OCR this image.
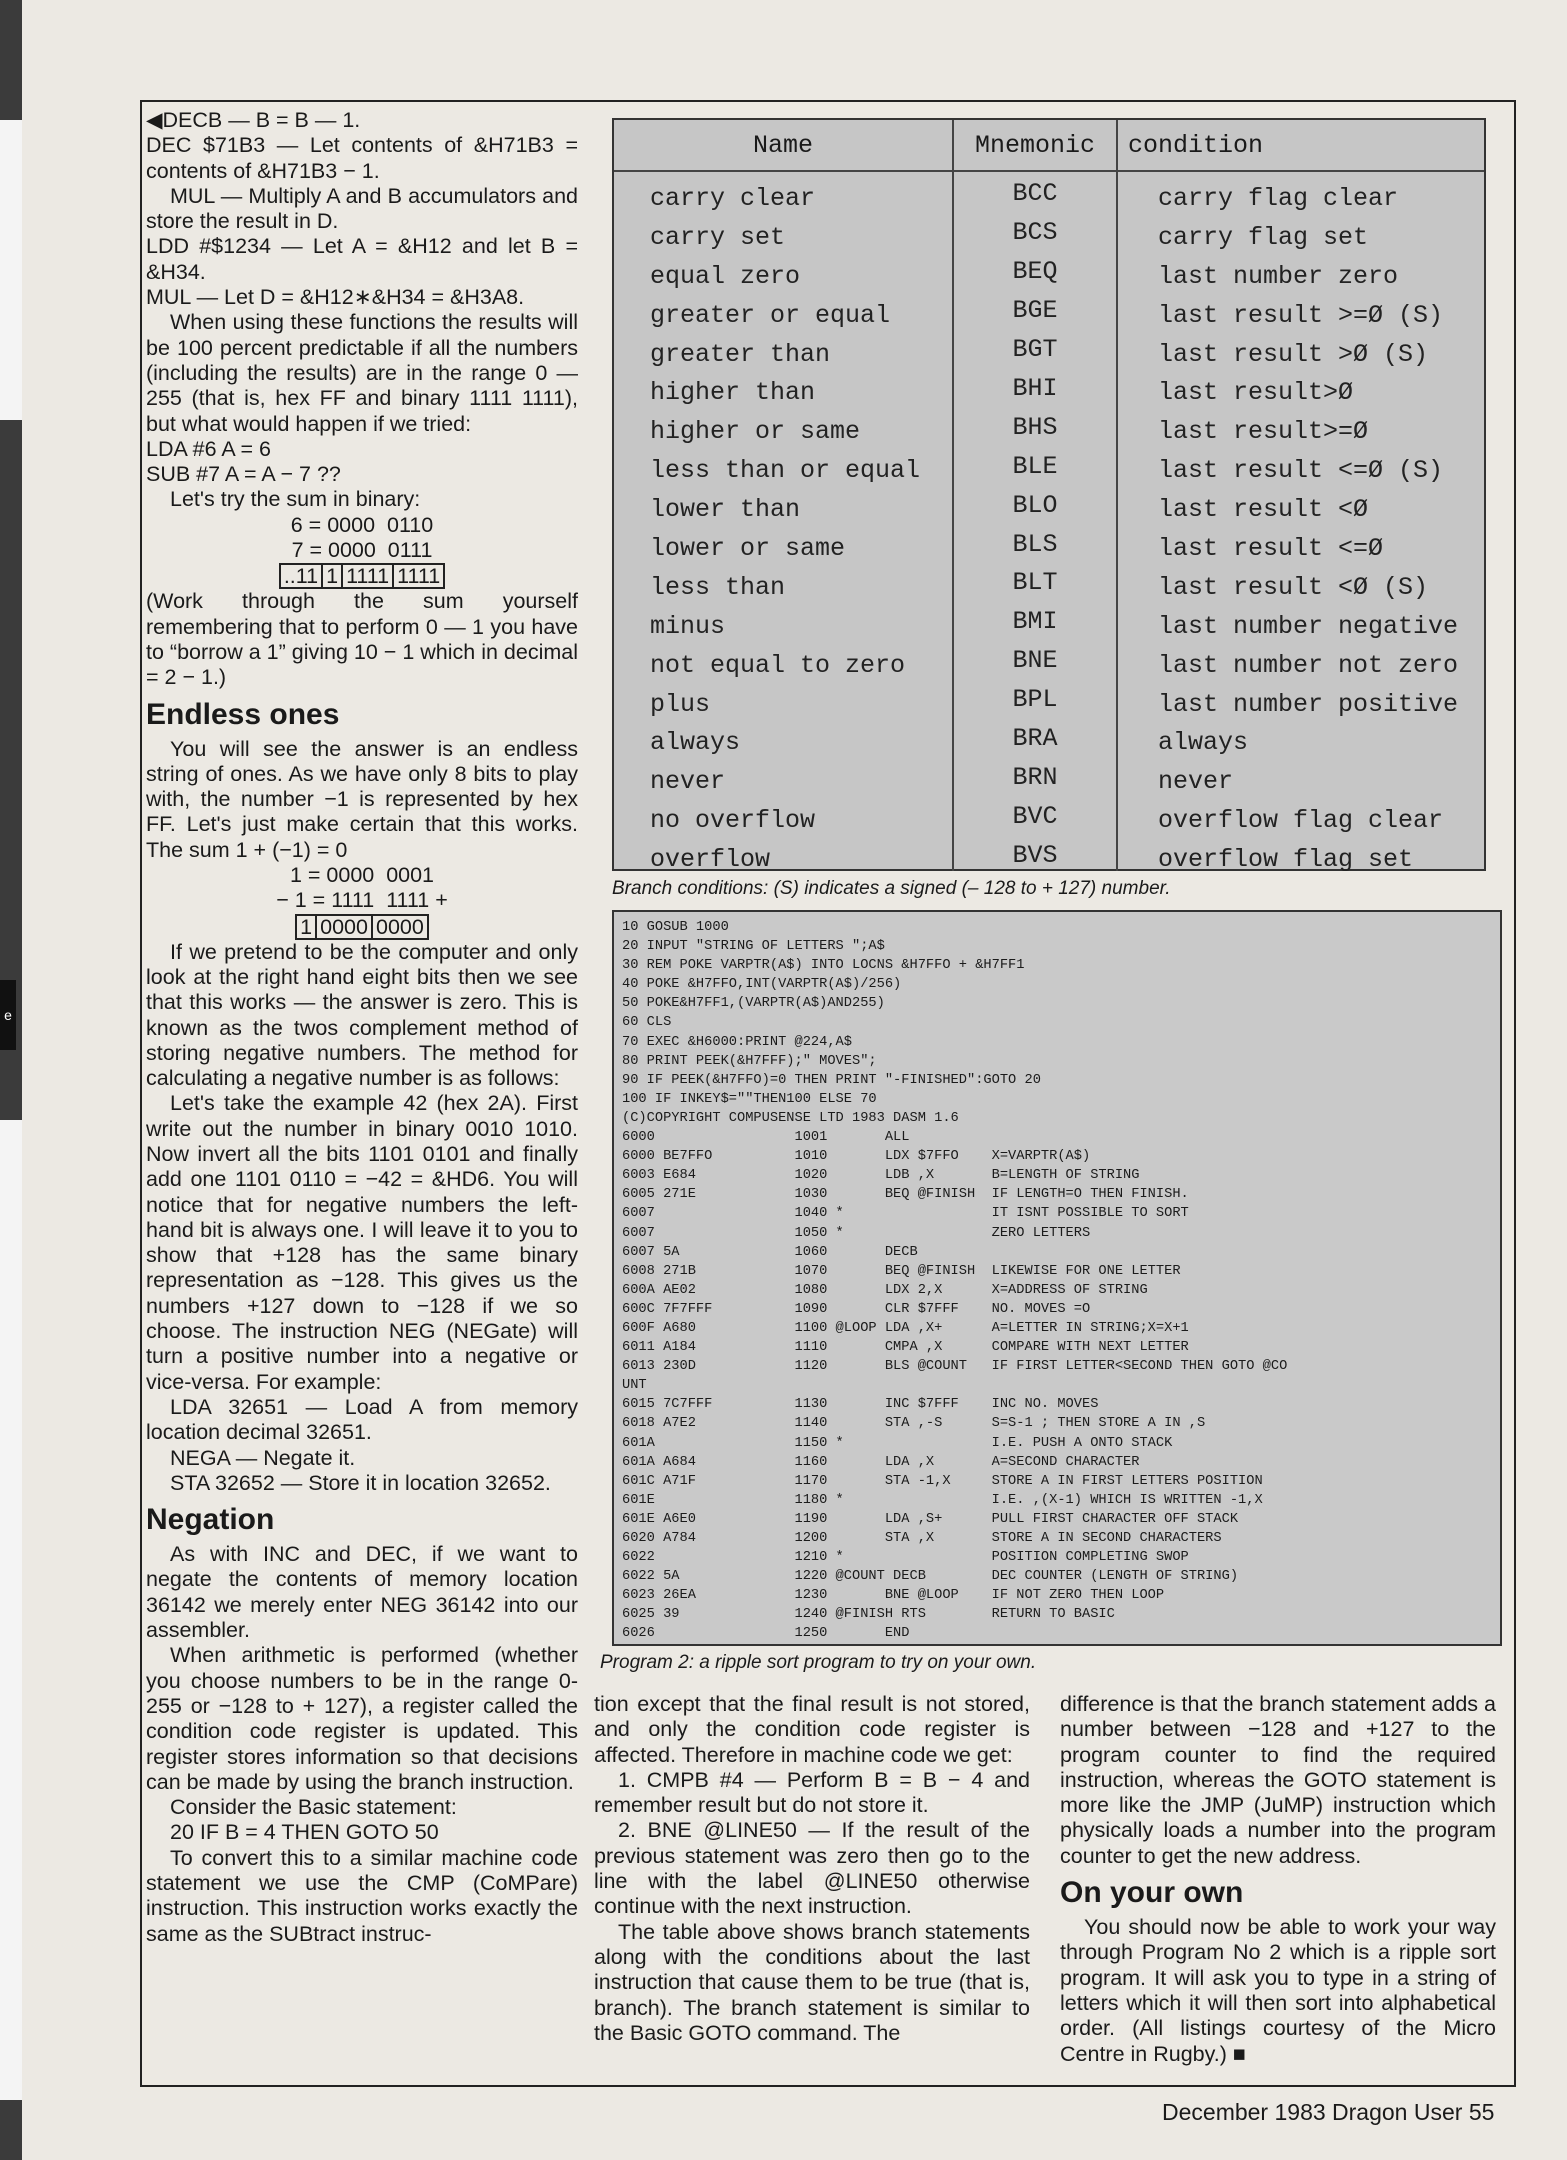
e

◀DECB — B = B — 1.

DEC $71B3 — Let contents of &H71B3 = contents of &H71B3 − 1.

MUL — Multiply A and B accumulators and store the result in D.

LDD #$1234 — Let A = &H12 and let B = &H34.

MUL — Let D = &H12∗&H34 = &H3A8.

When using these functions the results will be 100 percent predictable if all the numbers (including the results) are in the range 0 — 255 (that is, hex FF and binary 1111 1111), but what would happen if we tried:

LDA #6 A = 6

SUB #7 A = A − 7 ??

Let's try the sum in binary:

6 = 0000  0110
7 = 0000  0111
..11 1 1111 1111

(Work through the sum yourself remembering that to perform 0 — 1 you have to “borrow a 1” giving 10 − 1 which in decimal = 2 − 1.)

Endless ones

You will see the answer is an endless string of ones. As we have only 8 bits to play with, the number −1 is represented by hex FF. Let's just make certain that this works. The sum 1 + (−1) = 0

1 = 0000  0001
− 1 = 1111  1111 +
1 0000 0000

If we pretend to be the computer and only look at the right hand eight bits then we see that this works — the answer is zero. This is known as the twos complement method of storing negative numbers. The method for calculating a negative number is as follows:

Let's take the example 42 (hex 2A). First write out the number in binary 0010 1010. Now invert all the bits 1101 0101 and finally add one 1101 0110 = −42 = &HD6. You will notice that for negative numbers the left-hand bit is always one. I will leave it to you to show that +128 has the same binary representation as −128. This gives us the numbers +127 down to −128 if we so choose. The instruction NEG (NEGate) will turn a positive number into a negative or vice-versa. For example:

LDA 32651 — Load A from memory location decimal 32651.

NEGA — Negate it.

STA 32652 — Store it in location 32652.

Negation

As with INC and DEC, if we want to negate the contents of memory location 36142 we merely enter NEG 36142 into our assembler.

When arithmetic is performed (whether you choose numbers to be in the range 0-255 or −128 to + 127), a register called the condition code register is updated. This register stores information so that decisions can be made by using the branch instruction.

Consider the Basic statement:

20 IF B = 4 THEN GOTO 50

To convert this to a similar machine code statement we use the CMP (CoMPare) instruction. This instruction works exactly the same as the SUBtract instruc-

Name	Mnemonic	condition
carry clear
carry set
equal zero
greater or equal
greater than
higher than
higher or same
less than or equal
lower than
lower or same
less than
minus
not equal to zero
plus
always
never
no overflow
overflow
BCC
BCS
BEQ
BGE
BGT
BHI
BHS
BLE
BLO
BLS
BLT
BMI
BNE
BPL
BRA
BRN
BVC
BVS
carry flag clear
carry flag set
last number zero
last result >=Ø (S)
last result >Ø (S)
last result>Ø
last result>=Ø
last result <=Ø (S)
last result <Ø
last result <=Ø
last result <Ø (S)
last number negative
last number not zero
last number positive
always
never
overflow flag clear
overflow flag set
Branch conditions: (S) indicates a signed (– 128 to + 127) number.
10 GOSUB 1000
20 INPUT "STRING OF LETTERS ";A$
30 REM POKE VARPTR(A$) INTO LOCNS &H7FFO + &H7FF1
40 POKE &H7FFO,INT(VARPTR(A$)/256)
50 POKE&H7FF1,(VARPTR(A$)AND255)
60 CLS
70 EXEC &H6000:PRINT @224,A$
80 PRINT PEEK(&H7FFF);" MOVES";
90 IF PEEK(&H7FFO)=0 THEN PRINT "-FINISHED":GOTO 20
100 IF INKEY$=""THEN100 ELSE 70
(C)COPYRIGHT COMPUSENSE LTD 1983 DASM 1.6
6000                 1001       ALL
6000 BE7FFO          1010       LDX $7FFO    X=VARPTR(A$)
6003 E684            1020       LDB ,X       B=LENGTH OF STRING
6005 271E            1030       BEQ @FINISH  IF LENGTH=O THEN FINISH.
6007                 1040 *                  IT ISNT POSSIBLE TO SORT
6007                 1050 *                  ZERO LETTERS
6007 5A              1060       DECB
6008 271B            1070       BEQ @FINISH  LIKEWISE FOR ONE LETTER
600A AE02            1080       LDX 2,X      X=ADDRESS OF STRING
600C 7F7FFF          1090       CLR $7FFF    NO. MOVES =O
600F A680            1100 @LOOP LDA ,X+      A=LETTER IN STRING;X=X+1
6011 A184            1110       CMPA ,X      COMPARE WITH NEXT LETTER
6013 230D            1120       BLS @COUNT   IF FIRST LETTER<SECOND THEN GOTO @CO
UNT
6015 7C7FFF          1130       INC $7FFF    INC NO. MOVES
6018 A7E2            1140       STA ,-S      S=S-1 ; THEN STORE A IN ,S
601A                 1150 *                  I.E. PUSH A ONTO STACK
601A A684            1160       LDA ,X       A=SECOND CHARACTER
601C A71F            1170       STA -1,X     STORE A IN FIRST LETTERS POSITION
601E                 1180 *                  I.E. ,(X-1) WHICH IS WRITTEN -1,X
601E A6E0            1190       LDA ,S+      PULL FIRST CHARACTER OFF STACK
6020 A784            1200       STA ,X       STORE A IN SECOND CHARACTERS
6022                 1210 *                  POSITION COMPLETING SWOP
6022 5A              1220 @COUNT DECB        DEC COUNTER (LENGTH OF STRING)
6023 26EA            1230       BNE @LOOP    IF NOT ZERO THEN LOOP
6025 39              1240 @FINISH RTS        RETURN TO BASIC
6026                 1250       END
Program 2: a ripple sort program to try on your own.

tion except that the final result is not stored, and only the condition code register is affected. Therefore in machine code we get:

1. CMPB #4 — Perform B = B − 4 and remember result but do not store it.

2. BNE @LINE50 — If the result of the previous statement was zero then go to the line with the label @LINE50 otherwise continue with the next instruction.

The table above shows branch statements along with the conditions about the last instruction that cause them to be true (that is, branch). The branch statement is similar to the Basic GOTO command. The

difference is that the branch statement adds a number between −128 and +127 to the program counter to find the required instruction, whereas the GOTO statement is more like the JMP (JuMP) instruction which physically loads a number into the program counter to get the new address.

On your own

You should now be able to work your way through Program No 2 which is a ripple sort program. It will ask you to type in a string of letters which it will then sort into alphabetical order. (All listings courtesy of the Micro Centre in Rugby.) ■

December 1983 Dragon User 55
